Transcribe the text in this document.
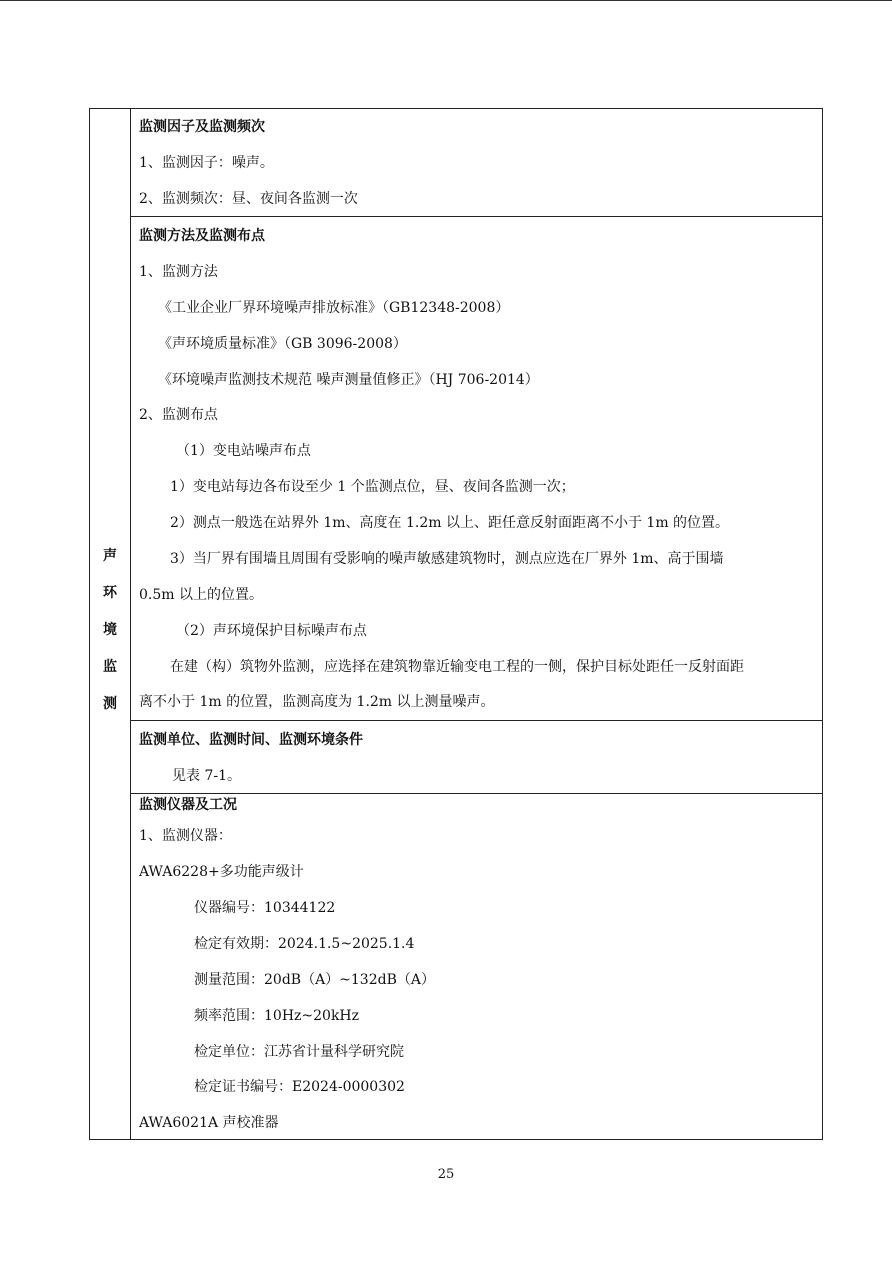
声
环
境
监
测
监测因子及监测频次
1、监测因子：噪声。
2、监测频次：昼、夜间各监测一次
监测方法及监测布点
1、监测方法
《工业企业厂界环境噪声排放标准》（GB12348-2008）
《声环境质量标准》（GB 3096-2008）
《环境噪声监测技术规范 噪声测量值修正》（HJ 706-2014）
2、监测布点
（1）变电站噪声布点
1）变电站每边各布设至少 1 个监测点位，昼、夜间各监测一次；
2）测点一般选在站界外 1m、高度在 1.2m 以上、距任意反射面距离不小于 1m 的位置。
3）当厂界有围墙且周围有受影响的噪声敏感建筑物时，测点应选在厂界外 1m、高于围墙
0.5m 以上的位置。
（2）声环境保护目标噪声布点
在建（构）筑物外监测，应选择在建筑物靠近输变电工程的一侧，保护目标处距任一反射面距
离不小于 1m 的位置，监测高度为 1.2m 以上测量噪声。
监测单位、监测时间、监测环境条件
见表 7-1。
监测仪器及工况
1、监测仪器：
AWA6228+多功能声级计
仪器编号：10344122
检定有效期：2024.1.5~2025.1.4
测量范围：20dB（A）~132dB（A）
频率范围：10Hz~20kHz
检定单位：江苏省计量科学研究院
检定证书编号：E2024-0000302
AWA6021A 声校准器
25
